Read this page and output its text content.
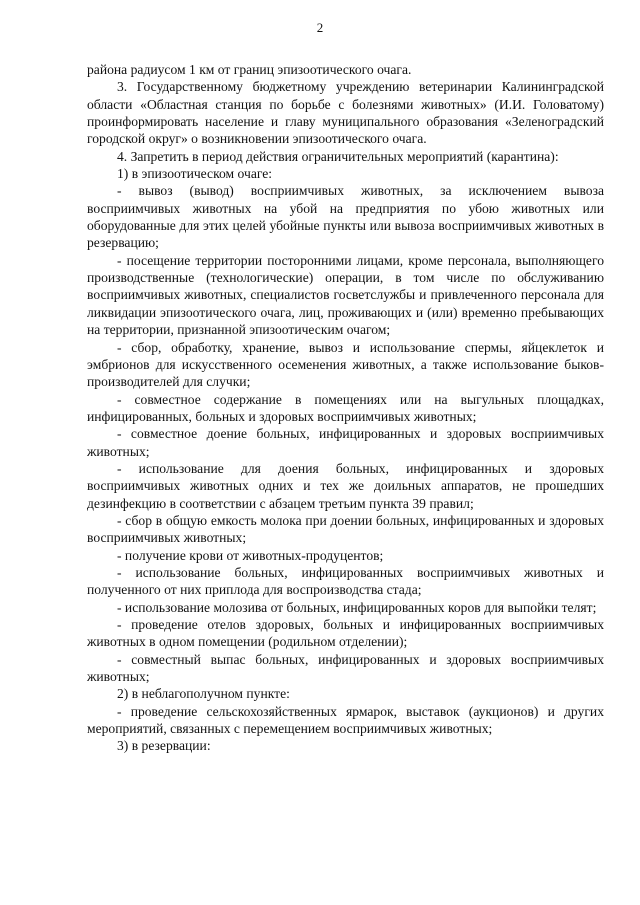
2

района радиусом 1 км от границ эпизоотического очага.

3. Государственному бюджетному учреждению ветеринарии Калининградской области «Областная станция по борьбе с болезнями животных» (И.И. Головатому) проинформировать население и главу муниципального образования «Зеленоградский городской округ» о возникновении эпизоотического очага.

4. Запретить в период действия ограничительных мероприятий (карантина):

1) в эпизоотическом очаге:

- вывоз (вывод) восприимчивых животных, за исключением вывоза восприимчивых животных на убой на предприятия по убою животных или оборудованные для этих целей убойные пункты или вывоза восприимчивых животных в резервацию;

- посещение территории посторонними лицами, кроме персонала, выполняющего производственные (технологические) операции, в том числе по обслуживанию восприимчивых животных, специалистов госветслужбы и привлеченного персонала для ликвидации эпизоотического очага, лиц, проживающих и (или) временно пребывающих на территории, признанной эпизоотическим очагом;

- сбор, обработку, хранение, вывоз и использование спермы, яйцеклеток и эмбрионов для искусственного осеменения животных, а также использование быков-производителей для случки;

- совместное содержание в помещениях или на выгульных площадках, инфицированных, больных и здоровых восприимчивых животных;

- совместное доение больных, инфицированных и здоровых восприимчивых животных;

- использование для доения больных, инфицированных и здоровых восприимчивых животных одних и тех же доильных аппаратов, не прошедших дезинфекцию в соответствии с абзацем третьим пункта 39 правил;

- сбор в общую емкость молока при доении больных, инфицированных и здоровых восприимчивых животных;

- получение крови от животных-продуцентов;

- использование больных, инфицированных восприимчивых животных и полученного от них приплода для воспроизводства стада;

- использование молозива от больных, инфицированных коров для выпойки телят;

- проведение отелов здоровых, больных и инфицированных восприимчивых животных в одном помещении (родильном отделении);

- совместный выпас больных, инфицированных и здоровых восприимчивых животных;

2) в неблагополучном пункте:

- проведение сельскохозяйственных ярмарок, выставок (аукционов) и других мероприятий, связанных с перемещением восприимчивых животных;

3) в резервации:
